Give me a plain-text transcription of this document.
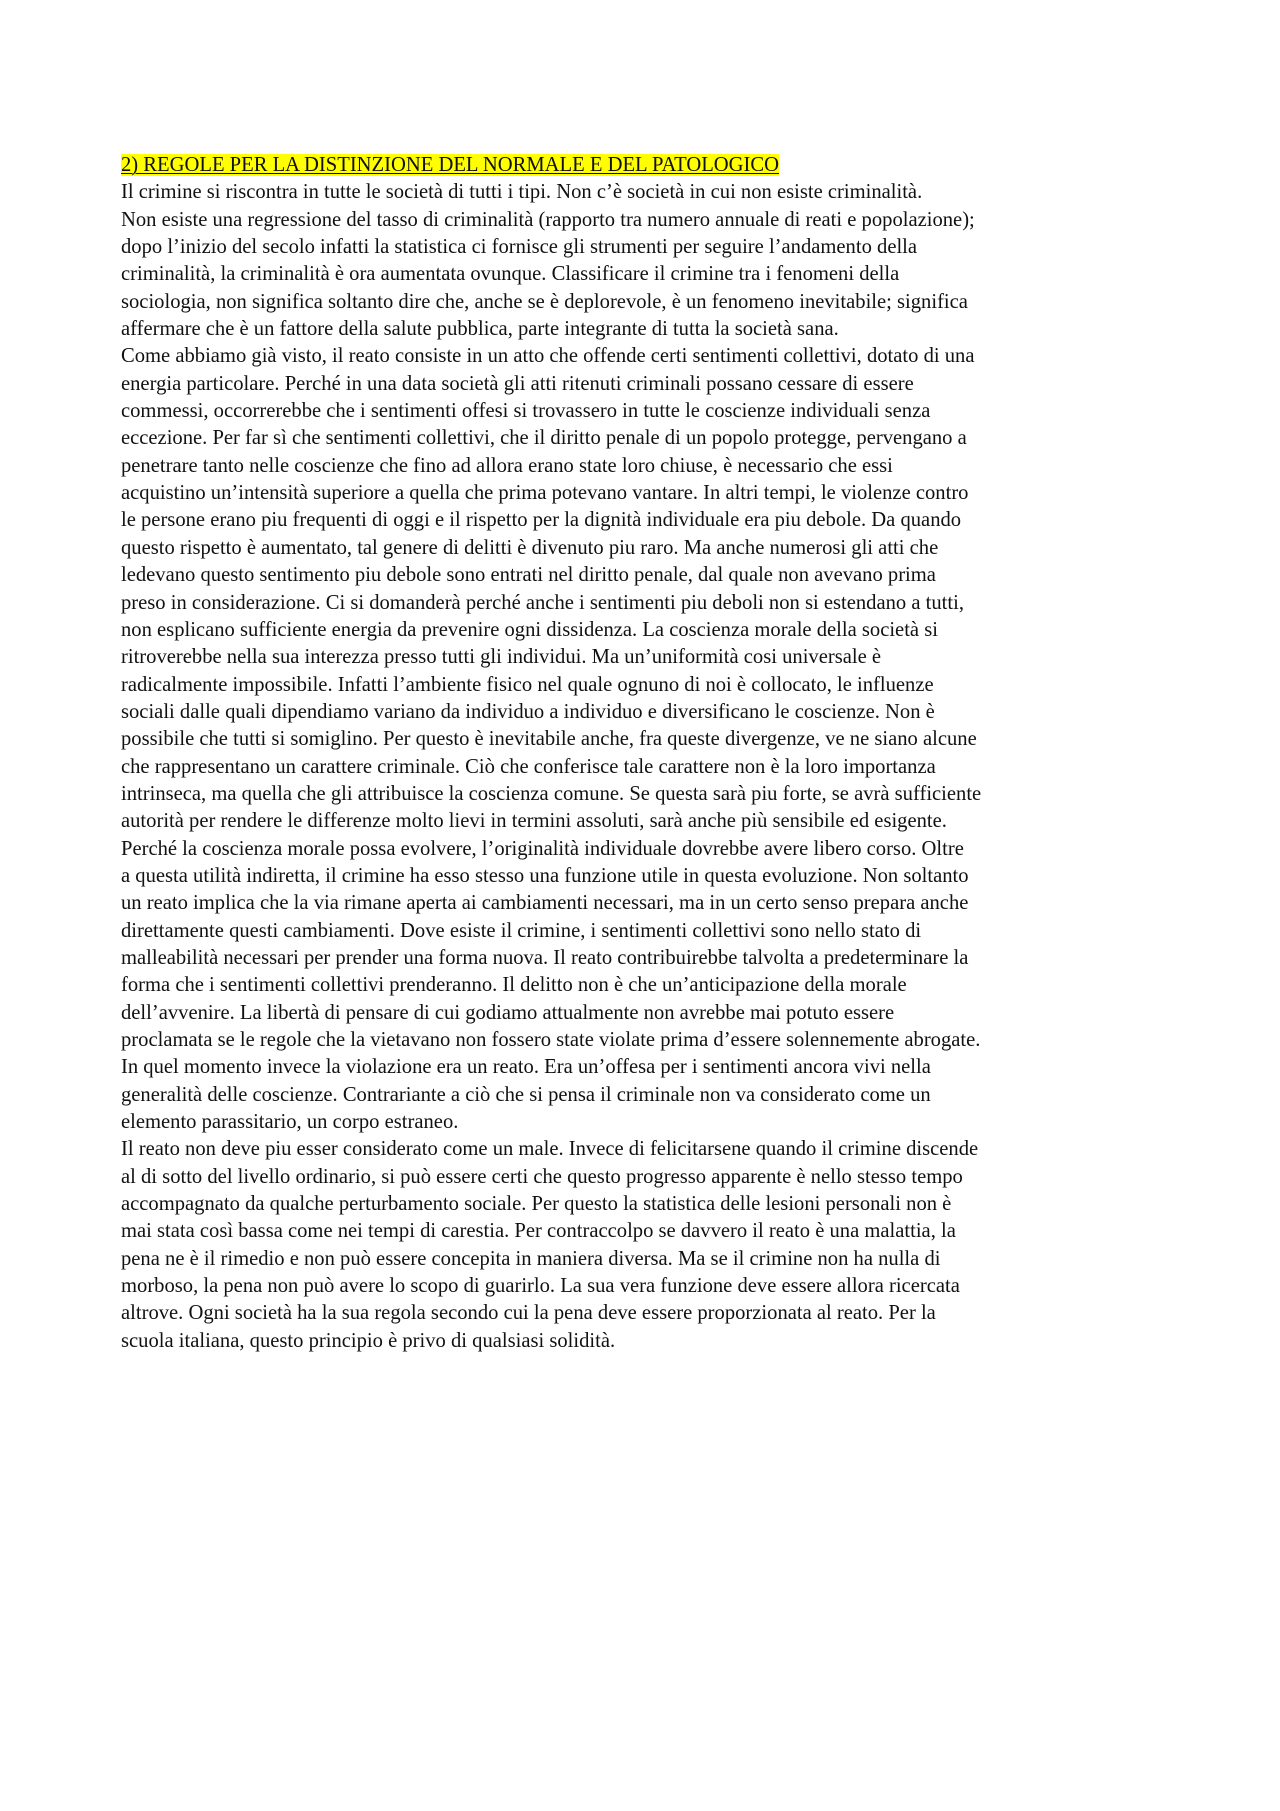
2) REGOLE PER LA DISTINZIONE DEL NORMALE E DEL PATOLOGICO

Il crimine si riscontra in tutte le società di tutti i tipi. Non c’è società in cui non esiste criminalità.
Non esiste una regressione del tasso di criminalità (rapporto tra numero annuale di reati e popolazione);
dopo l’inizio del secolo infatti la statistica ci fornisce gli strumenti per seguire l’andamento della
criminalità, la criminalità è ora aumentata ovunque. Classificare il crimine tra i fenomeni della
sociologia, non significa soltanto dire che, anche se è deplorevole, è un fenomeno inevitabile; significa
affermare che è un fattore della salute pubblica, parte integrante di tutta la società sana.

Come abbiamo già visto, il reato consiste in un atto che offende certi sentimenti collettivi, dotato di una
energia particolare. Perché in una data società gli atti ritenuti criminali possano cessare di essere
commessi, occorrerebbe che i sentimenti offesi si trovassero in tutte le coscienze individuali senza
eccezione. Per far sì che sentimenti collettivi, che il diritto penale di un popolo protegge, pervengano a
penetrare tanto nelle coscienze che fino ad allora erano state loro chiuse, è necessario che essi
acquistino un’intensità superiore a quella che prima potevano vantare. In altri tempi, le violenze contro
le persone erano piu frequenti di oggi e il rispetto per la dignità individuale era piu debole. Da quando
questo rispetto è aumentato, tal genere di delitti è divenuto piu raro. Ma anche numerosi gli atti che
ledevano questo sentimento piu debole sono entrati nel diritto penale, dal quale non avevano prima
preso in considerazione. Ci si domanderà perché anche i sentimenti piu deboli non si estendano a tutti,
non esplicano sufficiente energia da prevenire ogni dissidenza. La coscienza morale della società si
ritroverebbe nella sua interezza presso tutti gli individui. Ma un’uniformità cosi universale è
radicalmente impossibile. Infatti l’ambiente fisico nel quale ognuno di noi è collocato, le influenze
sociali dalle quali dipendiamo variano da individuo a individuo e diversificano le coscienze. Non è
possibile che tutti si somiglino. Per questo è inevitabile anche, fra queste divergenze, ve ne siano alcune
che rappresentano un carattere criminale. Ciò che conferisce tale carattere non è la loro importanza
intrinseca, ma quella che gli attribuisce la coscienza comune. Se questa sarà piu forte, se avrà sufficiente
autorità per rendere le differenze molto lievi in termini assoluti, sarà anche più sensibile ed esigente.
Perché la coscienza morale possa evolvere, l’originalità individuale dovrebbe avere libero corso. Oltre
a questa utilità indiretta, il crimine ha esso stesso una funzione utile in questa evoluzione. Non soltanto
un reato implica che la via rimane aperta ai cambiamenti necessari, ma in un certo senso prepara anche
direttamente questi cambiamenti. Dove esiste il crimine, i sentimenti collettivi sono nello stato di
malleabilità necessari per prender una forma nuova. Il reato contribuirebbe talvolta a predeterminare la
forma che i sentimenti collettivi prenderanno. Il delitto non è che un’anticipazione della morale
dell’avvenire. La libertà di pensare di cui godiamo attualmente non avrebbe mai potuto essere
proclamata se le regole che la vietavano non fossero state violate prima d’essere solennemente abrogate.
In quel momento invece la violazione era un reato. Era un’offesa per i sentimenti ancora vivi nella
generalità delle coscienze. Contrariante a ciò che si pensa il criminale non va considerato come un
elemento parassitario, un corpo estraneo.

Il reato non deve piu esser considerato come un male. Invece di felicitarsene quando il crimine discende
al di sotto del livello ordinario, si può essere certi che questo progresso apparente è nello stesso tempo
accompagnato da qualche perturbamento sociale. Per questo la statistica delle lesioni personali non è
mai stata così bassa come nei tempi di carestia. Per contraccolpo se davvero il reato è una malattia, la
pena ne è il rimedio e non può essere concepita in maniera diversa. Ma se il crimine non ha nulla di
morboso, la pena non può avere lo scopo di guarirlo. La sua vera funzione deve essere allora ricercata
altrove. Ogni società ha la sua regola secondo cui la pena deve essere proporzionata al reato. Per la
scuola italiana, questo principio è privo di qualsiasi solidità.
